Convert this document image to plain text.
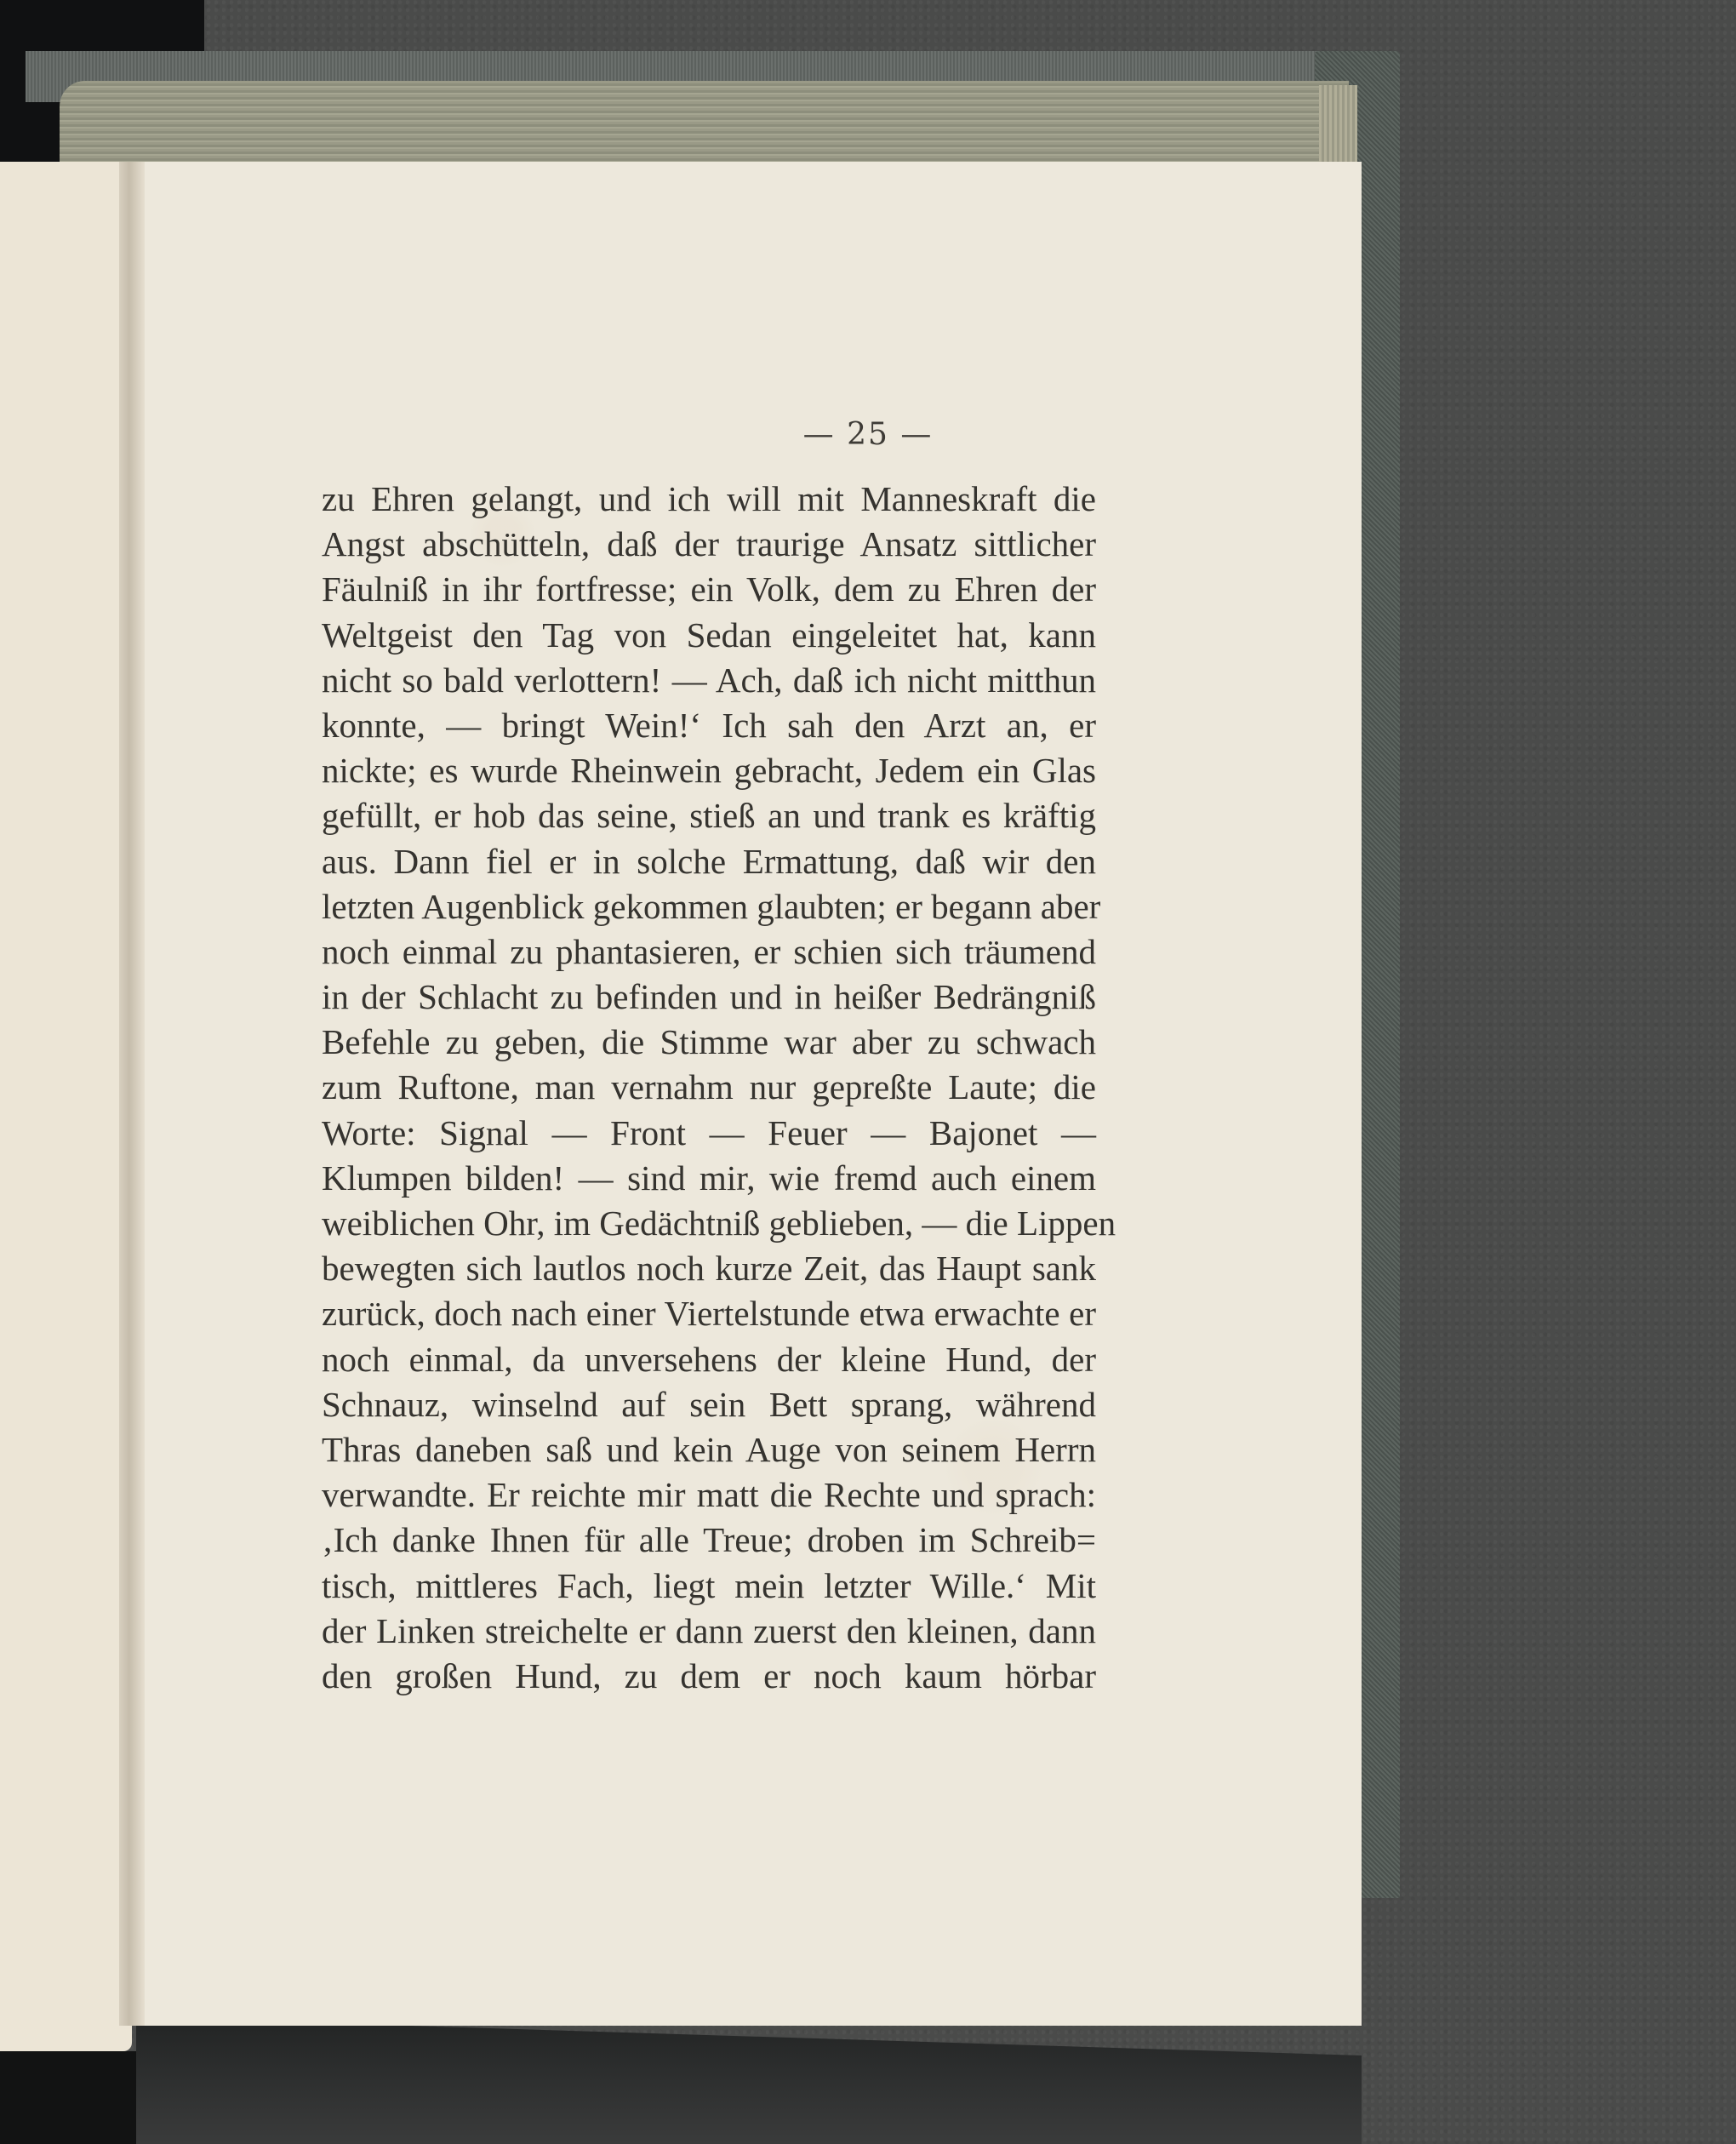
— 25 —
zu Ehren gelangt, und ich will mit Manneskraft die
Angst abschütteln, daß der traurige Ansatz sittlicher
Fäulniß in ihr fortfresse; ein Volk, dem zu Ehren der
Weltgeist den Tag von Sedan eingeleitet hat, kann
nicht so bald verlottern! — Ach, daß ich nicht mitthun
konnte, — bringt Wein!‘ Ich sah den Arzt an, er
nickte; es wurde Rheinwein gebracht, Jedem ein Glas
gefüllt, er hob das seine, stieß an und trank es kräftig
aus. Dann fiel er in solche Ermattung, daß wir den
letzten Augenblick gekommen glaubten; er begann aber
noch einmal zu phantasieren, er schien sich träumend
in der Schlacht zu befinden und in heißer Bedrängniß
Befehle zu geben, die Stimme war aber zu schwach
zum Ruftone, man vernahm nur gepreßte Laute; die
Worte: Signal — Front — Feuer — Bajonet —
Klumpen bilden! — sind mir, wie fremd auch einem
weiblichen Ohr, im Gedächtniß geblieben, — die Lippen
bewegten sich lautlos noch kurze Zeit, das Haupt sank
zurück, doch nach einer Viertelstunde etwa erwachte er
noch einmal, da unversehens der kleine Hund, der
Schnauz, winselnd auf sein Bett sprang, während
Thras daneben saß und kein Auge von seinem Herrn
verwandte. Er reichte mir matt die Rechte und sprach:
‚Ich danke Ihnen für alle Treue; droben im Schreib=
tisch, mittleres Fach, liegt mein letzter Wille.‘ Mit
der Linken streichelte er dann zuerst den kleinen, dann
den großen Hund, zu dem er noch kaum hörbar
